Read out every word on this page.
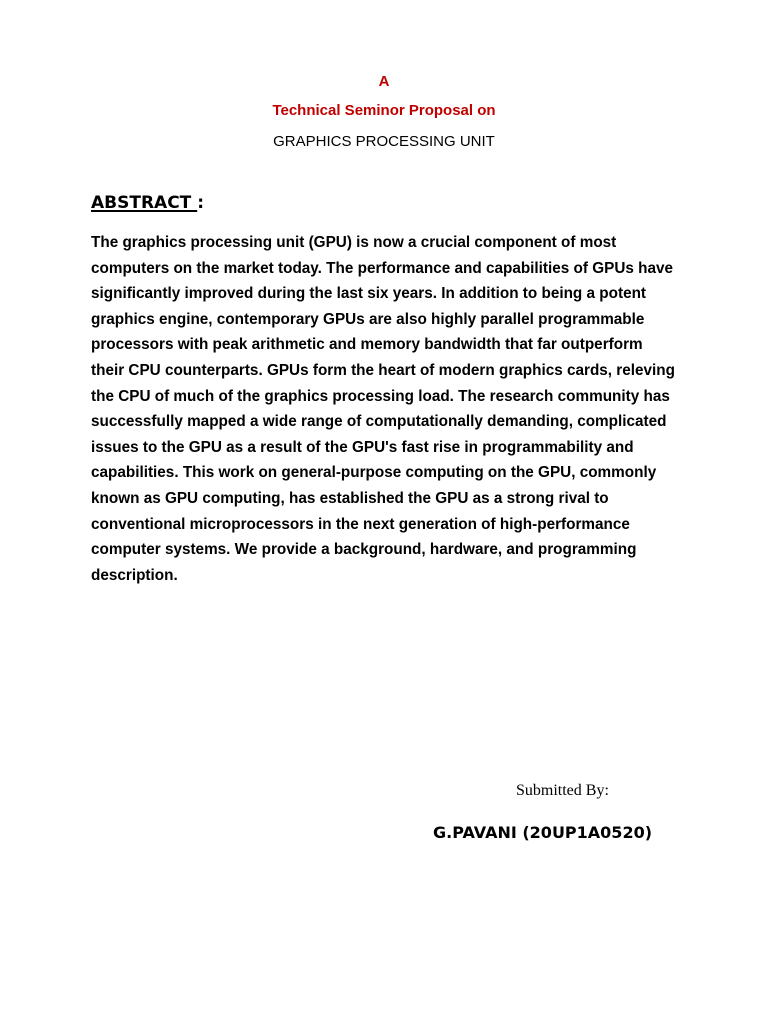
A
Technical Seminor Proposal on
GRAPHICS PROCESSING UNIT
ABSTRACT :
The graphics processing unit (GPU) is now a crucial component of most
computers on the market today. The performance and capabilities of GPUs have
significantly improved during the last six years. In addition to being a potent
graphics engine, contemporary GPUs are also highly parallel programmable
processors with peak arithmetic and memory bandwidth that far outperform
their CPU counterparts. GPUs form the heart of modern graphics cards, releving
the CPU of much of the graphics processing load. The research community has
successfully mapped a wide range of computationally demanding, complicated
issues to the GPU as a result of the GPU's fast rise in programmability and
capabilities. This work on general-purpose computing on the GPU, commonly
known as GPU computing, has established the GPU as a strong rival to
conventional microprocessors in the next generation of high-performance
computer systems. We provide a background, hardware, and programming
description.
Submitted By:
G.PAVANI (20UP1A0520)
